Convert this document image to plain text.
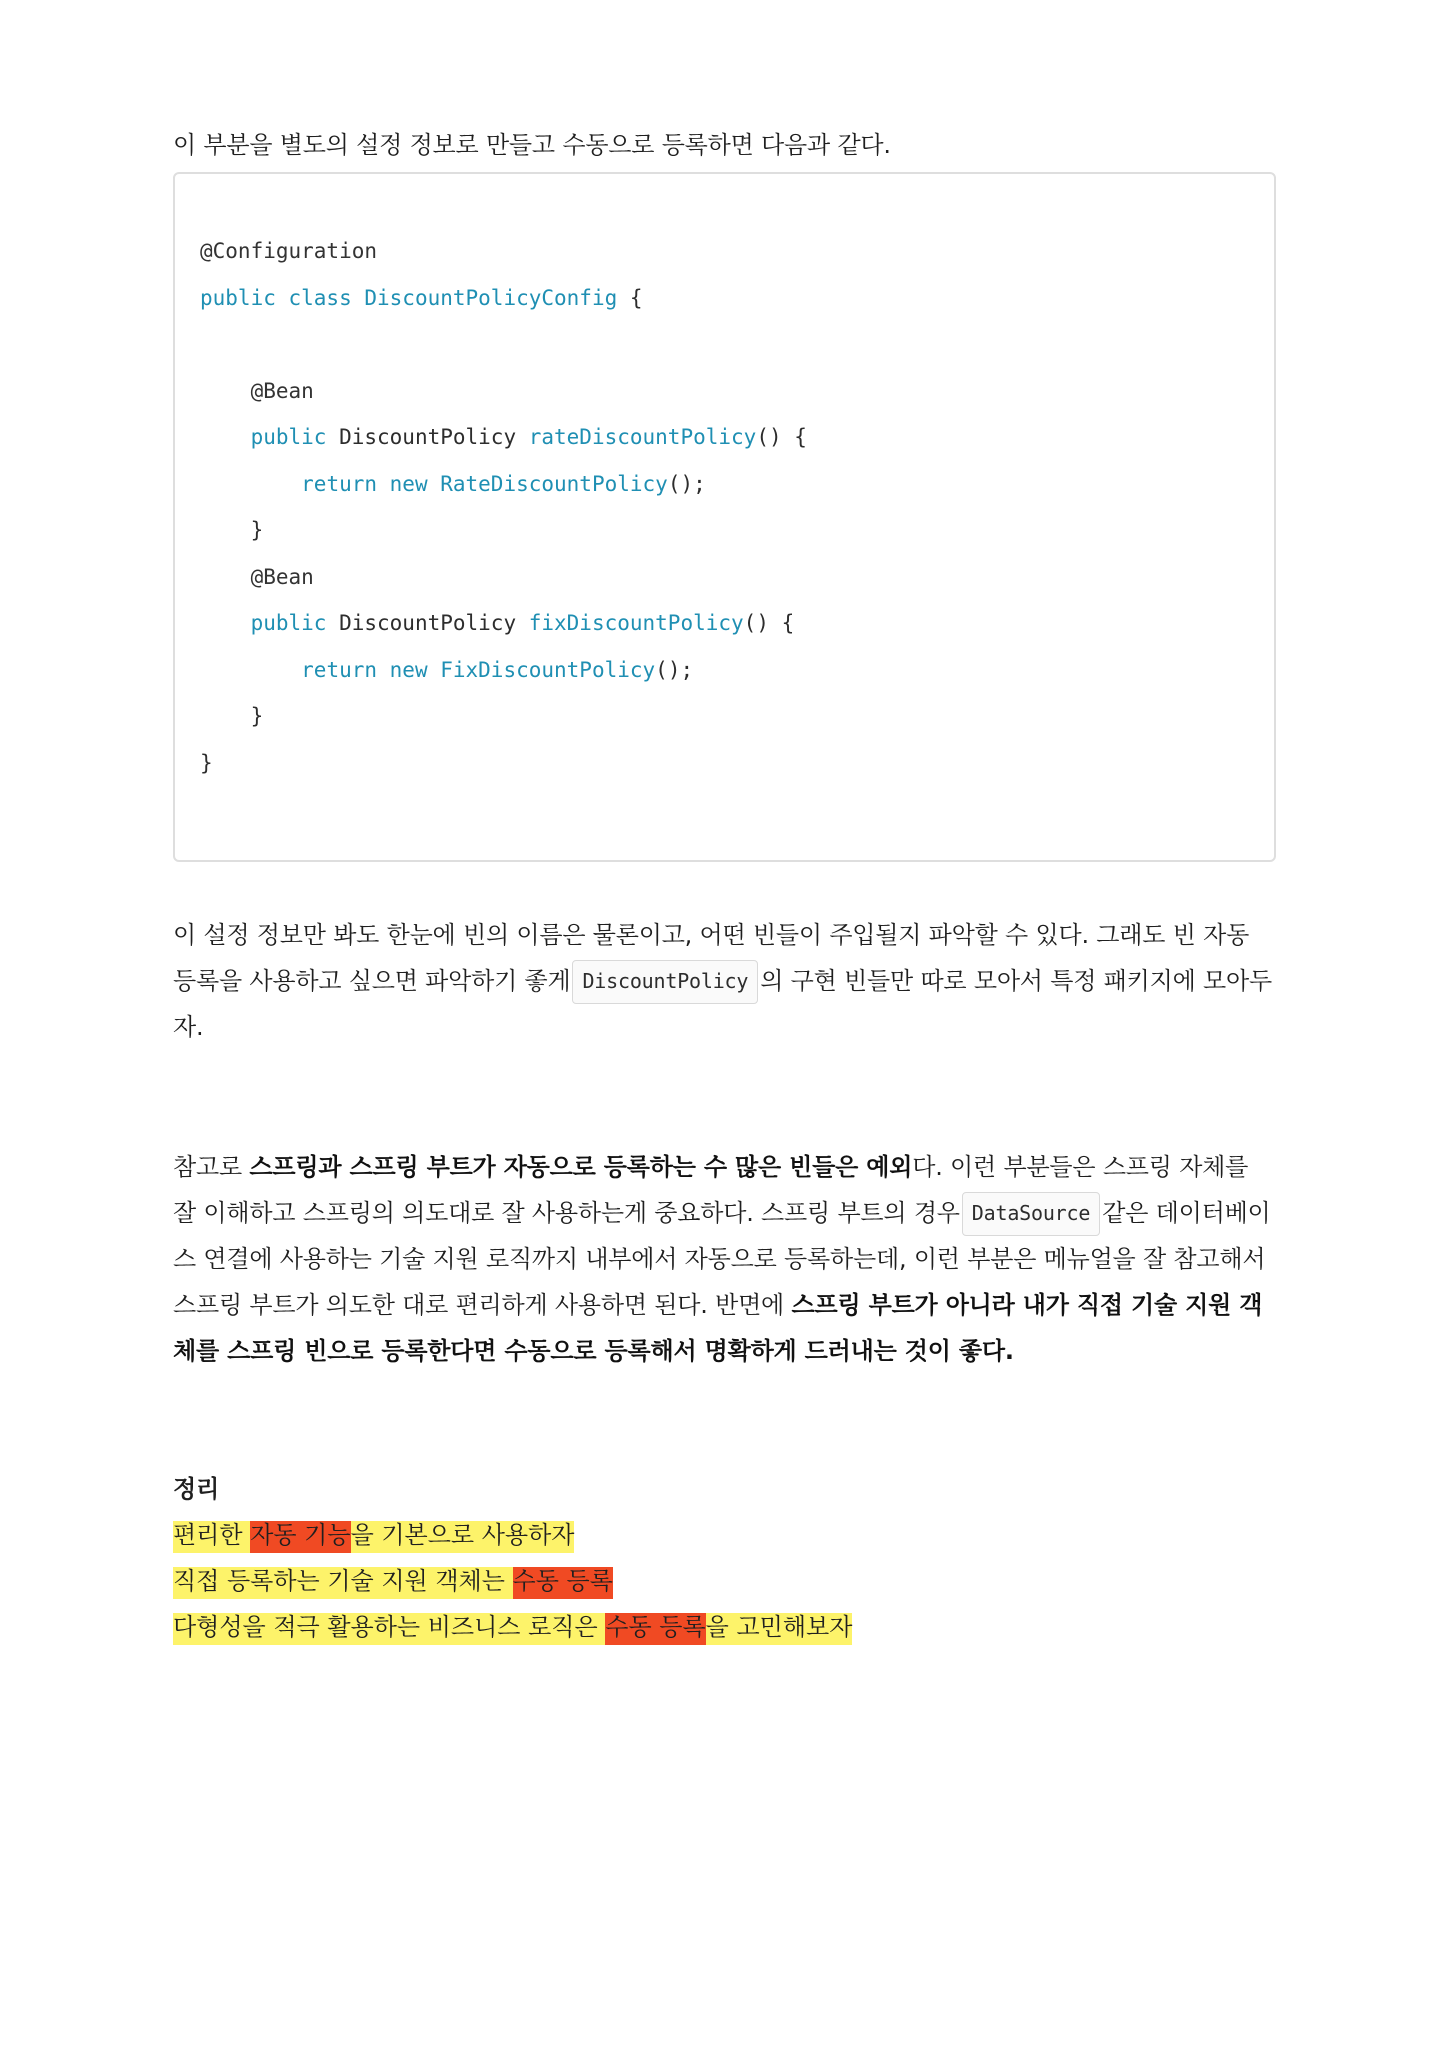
이 부분을 별도의 설정 정보로 만들고 수동으로 등록하면 다음과 같다.

@Configuration
public class DiscountPolicyConfig {

@Bean
public DiscountPolicy rateDiscountPolicy() {
return new RateDiscountPolicy();
}
@Bean
public DiscountPolicy fixDiscountPolicy() {
return new FixDiscountPolicy();
}
}

이 설정 정보만 봐도 한눈에 빈의 이름은 물론이고, 어떤 빈들이 주입될지 파악할 수 있다. 그래도 빈 자동 등록을 사용하고 싶으면 파악하기 좋게 DiscountPolicy 의 구현 빈들만 따로 모아서 특정 패키지에 모아두자.

참고로 스프링과 스프링 부트가 자동으로 등록하는 수 많은 빈들은 예외다. 이런 부분들은 스프링 자체를 잘 이해하고 스프링의 의도대로 잘 사용하는게 중요하다. 스프링 부트의 경우 DataSource 같은 데이터베이스 연결에 사용하는 기술 지원 로직까지 내부에서 자동으로 등록하는데, 이런 부분은 메뉴얼을 잘 참고해서 스프링 부트가 의도한 대로 편리하게 사용하면 된다. 반면에 스프링 부트가 아니라 내가 직접 기술 지원 객체를 스프링 빈으로 등록한다면 수동으로 등록해서 명확하게 드러내는 것이 좋다.

정리
편리한 자동 기능을 기본으로 사용하자
직접 등록하는 기술 지원 객체는 수동 등록
다형성을 적극 활용하는 비즈니스 로직은 수동 등록을 고민해보자
